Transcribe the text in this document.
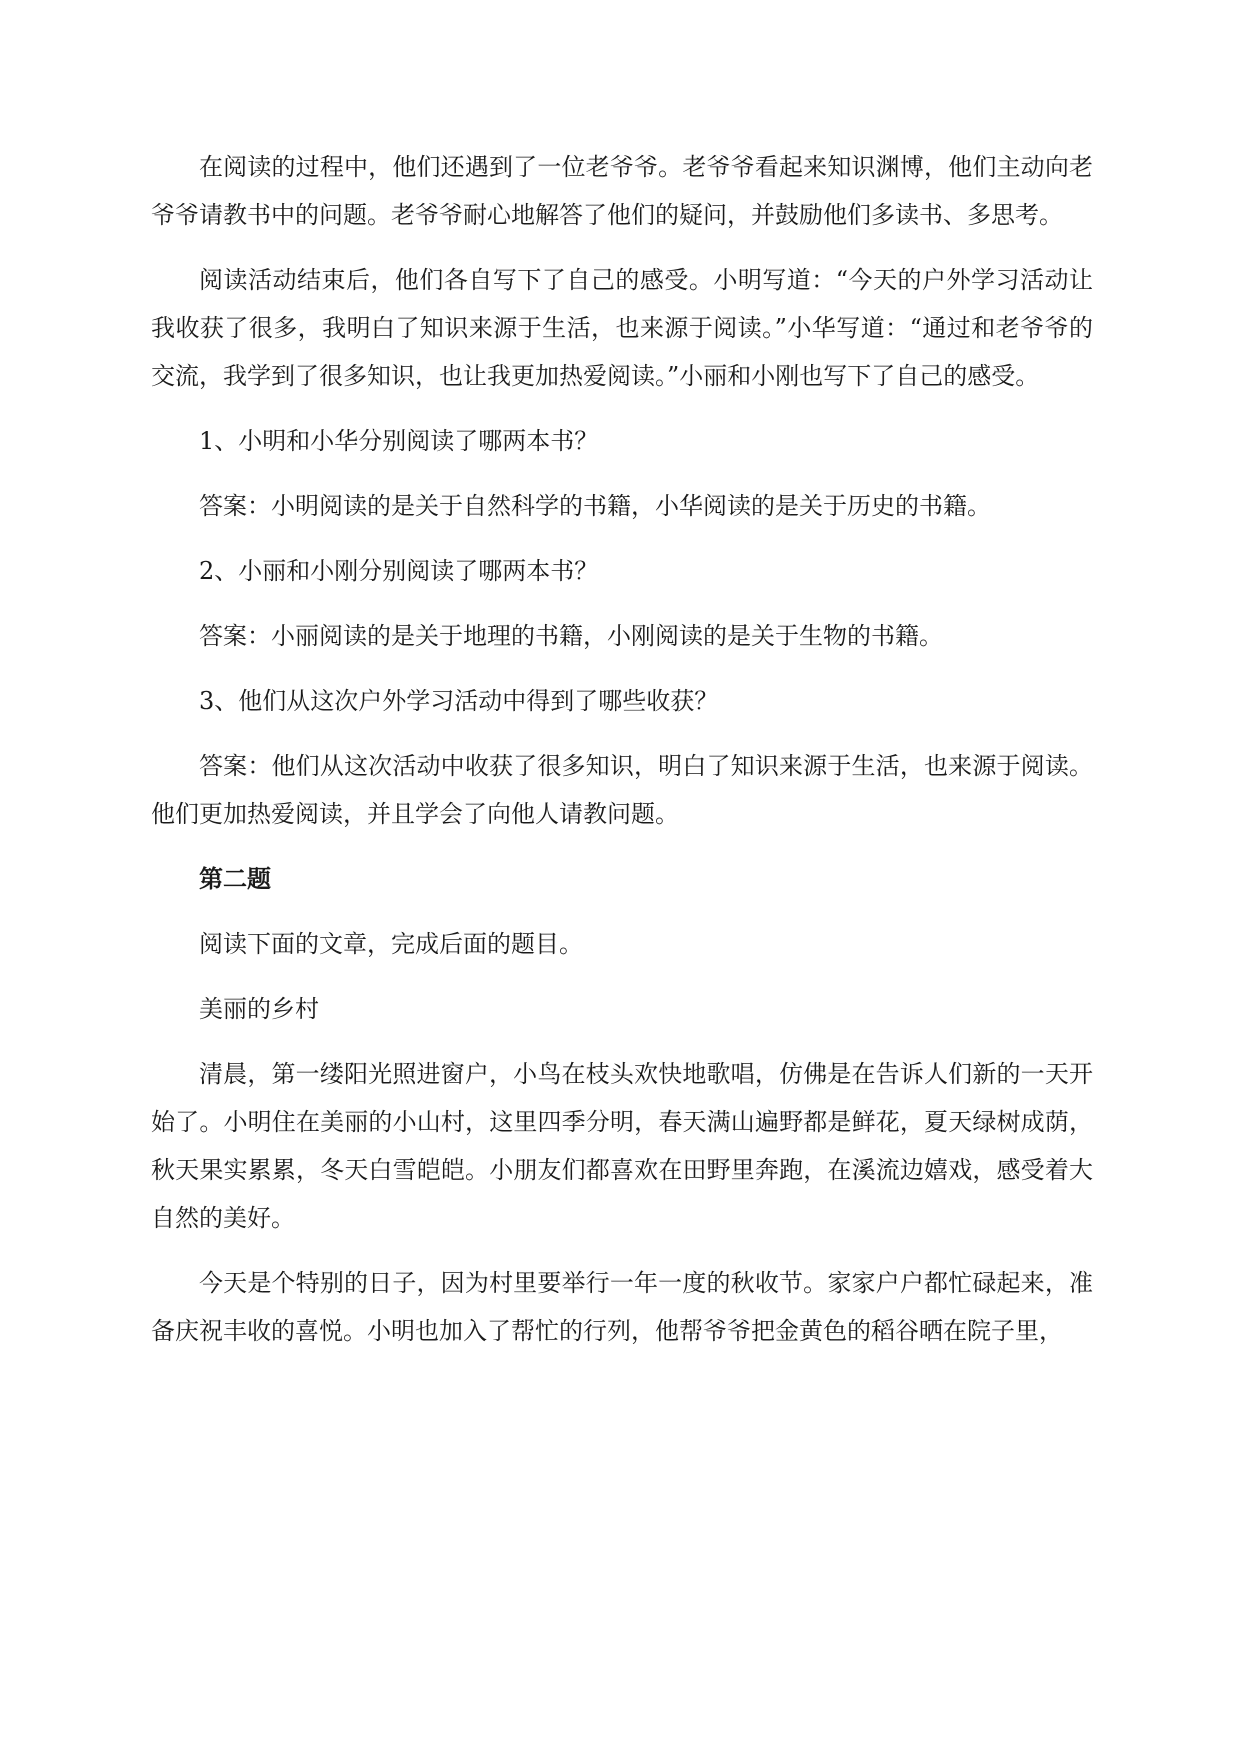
在阅读的过程中，他们还遇到了一位老爷爷。老爷爷看起来知识渊博，他们主动向老爷爷请教书中的问题。老爷爷耐心地解答了他们的疑问，并鼓励他们多读书、多思考。

阅读活动结束后，他们各自写下了自己的感受。小明写道：“今天的户外学习活动让我收获了很多，我明白了知识来源于生活，也来源于阅读。”小华写道：“通过和老爷爷的交流，我学到了很多知识，也让我更加热爱阅读。”小丽和小刚也写下了自己的感受。

1、小明和小华分别阅读了哪两本书？

答案：小明阅读的是关于自然科学的书籍，小华阅读的是关于历史的书籍。

2、小丽和小刚分别阅读了哪两本书？

答案：小丽阅读的是关于地理的书籍，小刚阅读的是关于生物的书籍。

3、他们从这次户外学习活动中得到了哪些收获？

答案：他们从这次活动中收获了很多知识，明白了知识来源于生活，也来源于阅读。他们更加热爱阅读，并且学会了向他人请教问题。

第二题

阅读下面的文章，完成后面的题目。

美丽的乡村

清晨，第一缕阳光照进窗户，小鸟在枝头欢快地歌唱，仿佛是在告诉人们新的一天开始了。小明住在美丽的小山村，这里四季分明，春天满山遍野都是鲜花，夏天绿树成荫，秋天果实累累，冬天白雪皑皑。小朋友们都喜欢在田野里奔跑，在溪流边嬉戏，感受着大自然的美好。

今天是个特别的日子，因为村里要举行一年一度的秋收节。家家户户都忙碌起来，准备庆祝丰收的喜悦。小明也加入了帮忙的行列，他帮爷爷把金黄色的稻谷晒在院子里，
